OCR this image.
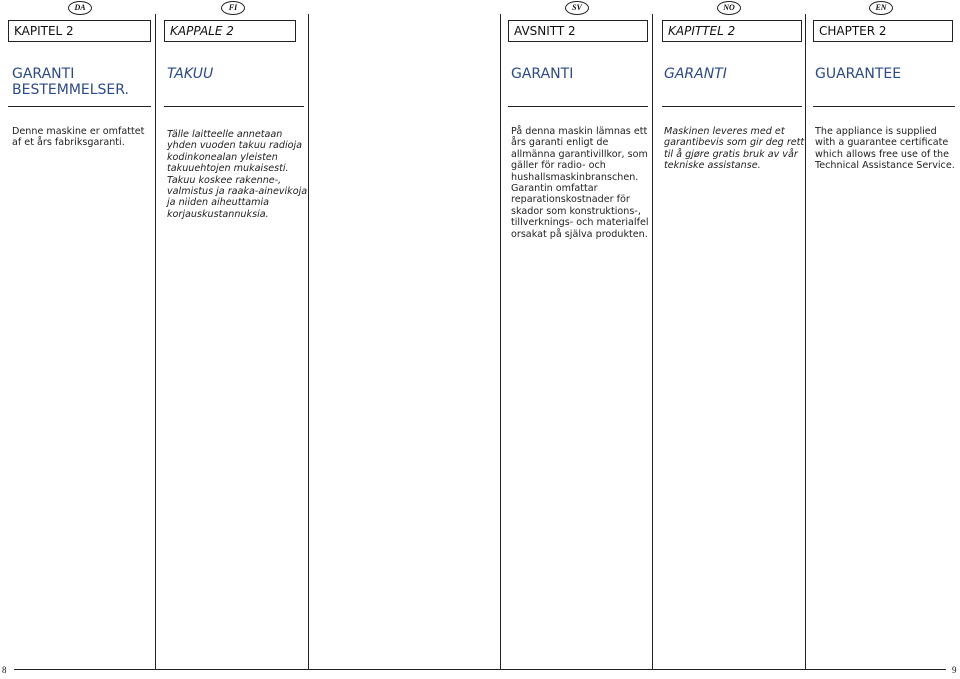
DA	FI	SV	NO	EN
KAPITEL 2	KAPPALE 2	AVSNITT 2	KAPITTEL 2	CHAPTER 2
GARANTI
BESTEMMELSER.
TAKUU	GARANTI	GARANTI	GUARANTEE
Denne maskine er omfattet
af et års fabriksgaranti.
Tälle laitteelle annetaan
yhden vuoden takuu radioja
kodinkonealan yleisten
takuuehtojen mukaisesti.
Takuu koskee rakenne-,
valmistus ja raaka-ainevikoja
ja niiden aiheuttamia
korjauskustannuksia.
På denna maskin lämnas ett
års garanti enligt de
allmänna garantivillkor, som
gäller för radio- och
hushallsmaskinbranschen.
Garantin omfattar
reparationskostnader för
skador som konstruktions-,
tillverknings- och materialfel
orsakat på själva produkten.
Maskinen leveres med et
garantibevis som gir deg rett
til å gjøre gratis bruk av vår
tekniske assistanse.
The appliance is supplied
with a guarantee certificate
which allows free use of the
Technical Assistance Service.
8	9
